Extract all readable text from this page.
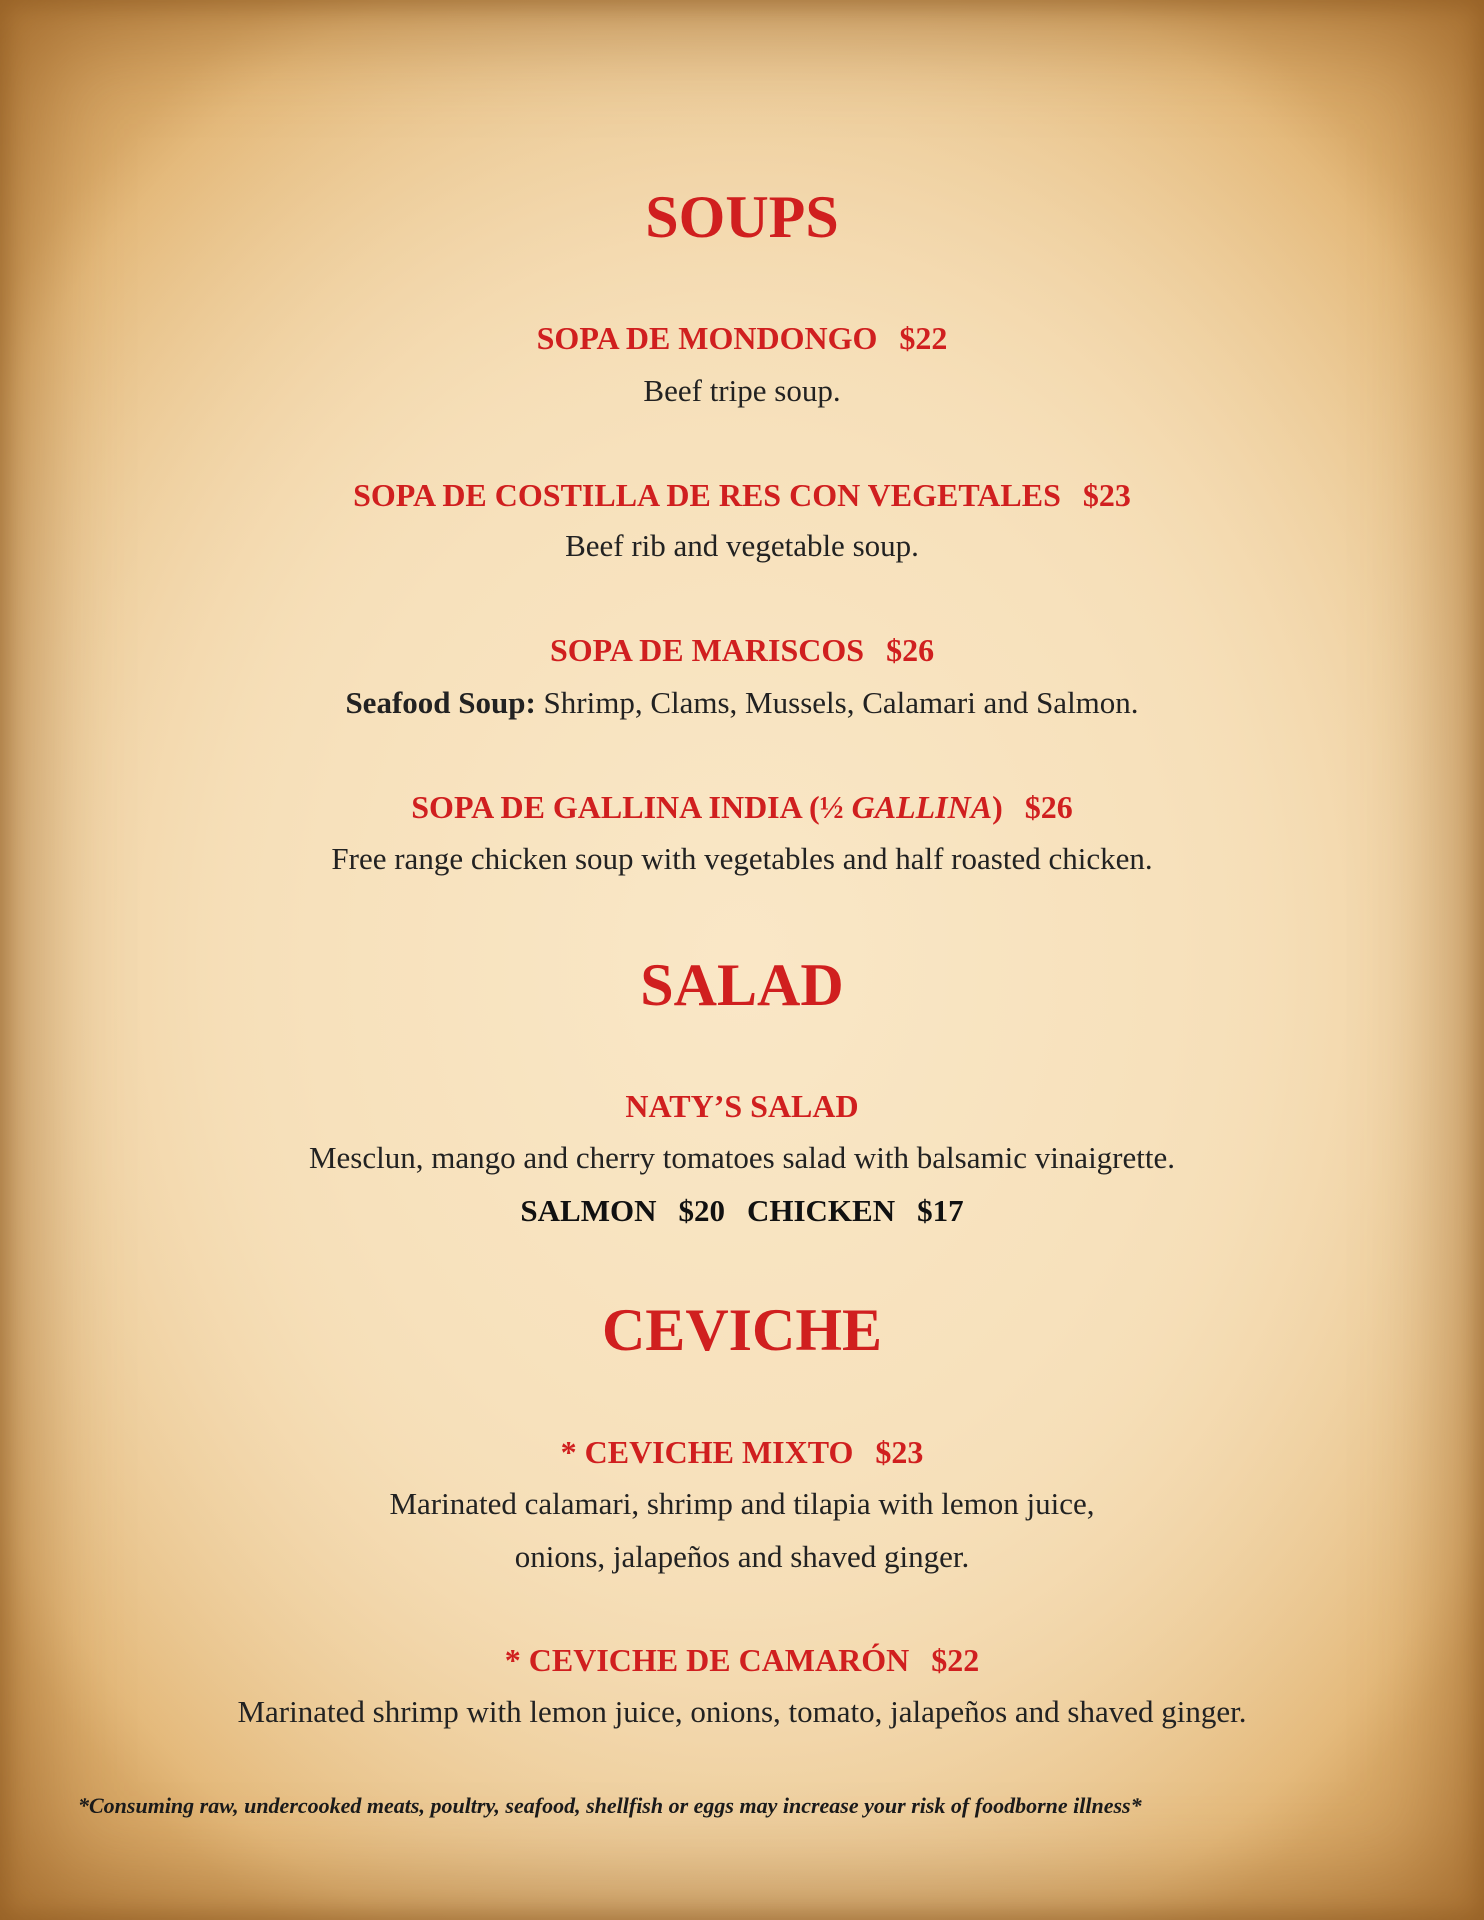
SOUPS
SOPA DE MONDONGO $22
Beef tripe soup.
SOPA DE COSTILLA DE RES CON VEGETALES $23
Beef rib and vegetable soup.
SOPA DE MARISCOS $26
Seafood Soup: Shrimp, Clams, Mussels, Calamari and Salmon.
SOPA DE GALLINA INDIA (½ GALLINA) $26
Free range chicken soup with vegetables and half roasted chicken.
SALAD
NATY’S SALAD
Mesclun, mango and cherry tomatoes salad with balsamic vinaigrette.
SALMON $20 CHICKEN $17
CEVICHE
* CEVICHE MIXTO $23
Marinated calamari, shrimp and tilapia with lemon juice,
onions, jalapeños and shaved ginger.
* CEVICHE DE CAMARÓN $22
Marinated shrimp with lemon juice, onions, tomato, jalapeños and shaved ginger.
*Consuming raw, undercooked meats, poultry, seafood, shellfish or eggs may increase your risk of foodborne illness*
